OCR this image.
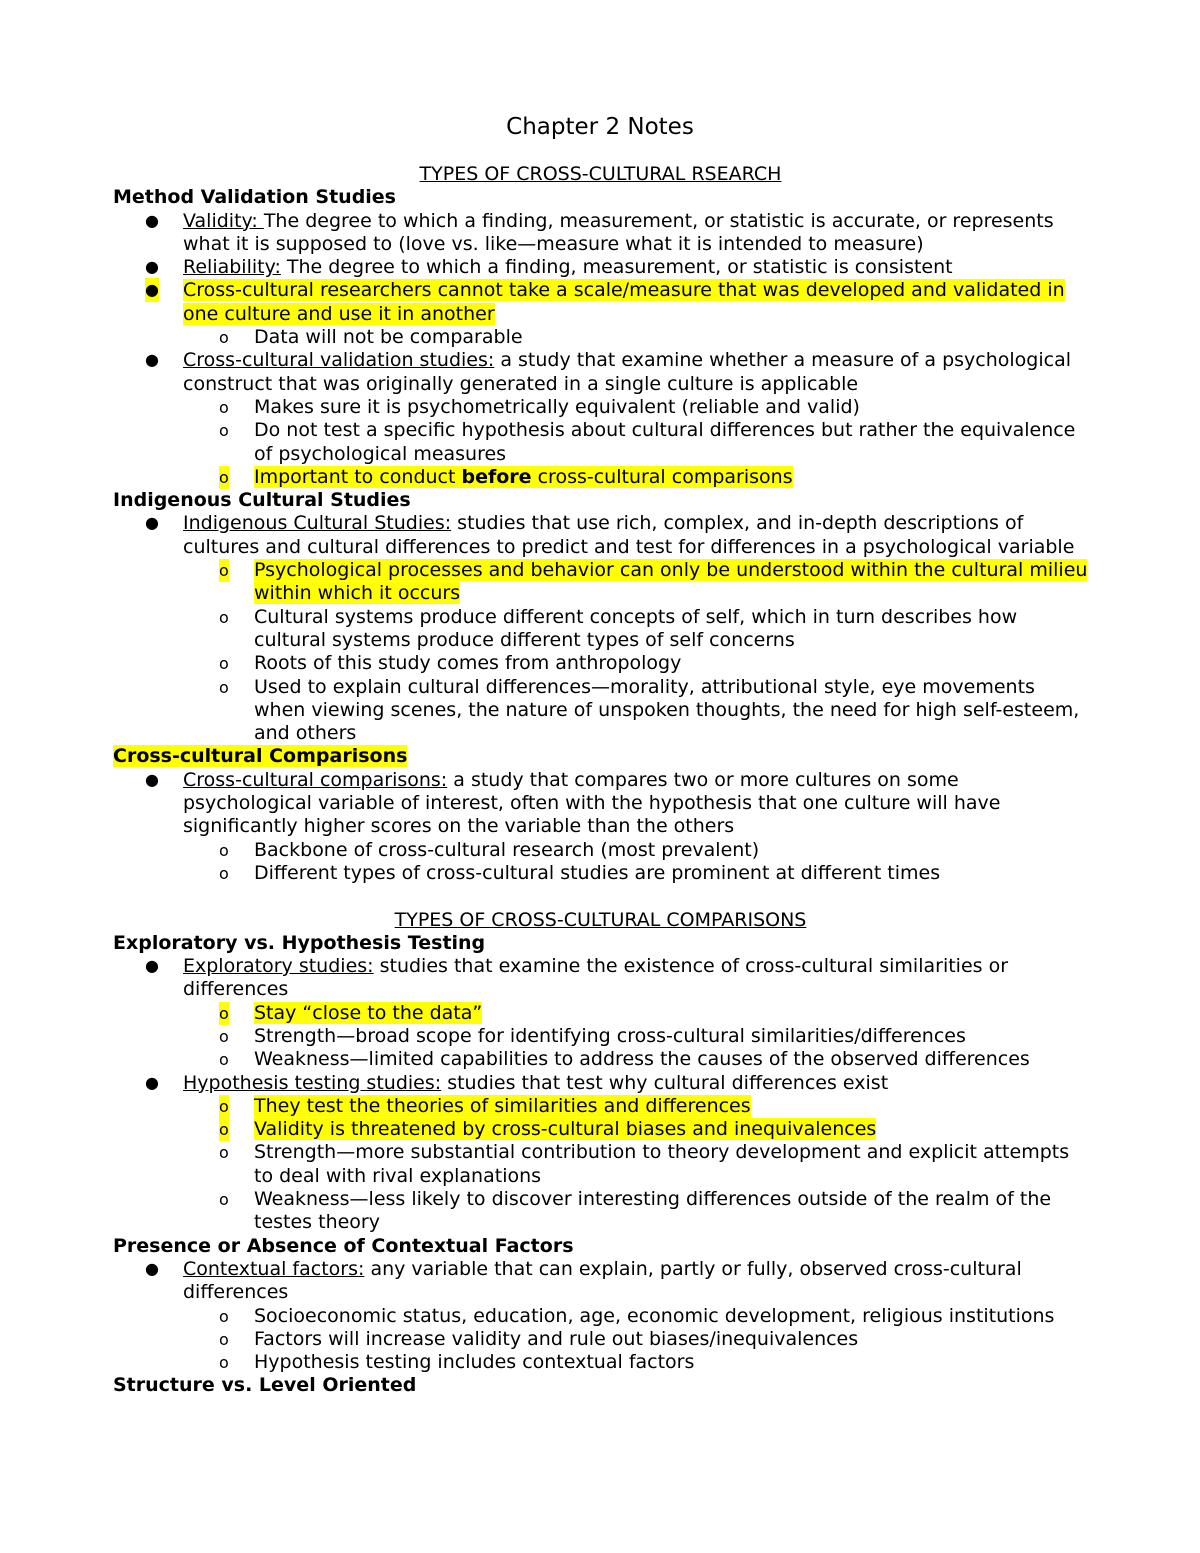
Chapter 2 Notes
TYPES OF CROSS-CULTURAL RSEARCH
Method Validation Studies
● Validity: The degree to which a finding, measurement, or statistic is accurate, or represents what it is supposed to (love vs. like—measure what it is intended to measure)
● Reliability: The degree to which a finding, measurement, or statistic is consistent
● Cross-cultural researchers cannot take a scale/measure that was developed and validated in one culture and use it in another
o Data will not be comparable
● Cross-cultural validation studies: a study that examine whether a measure of a psychological construct that was originally generated in a single culture is applicable
o Makes sure it is psychometrically equivalent (reliable and valid)
o Do not test a specific hypothesis about cultural differences but rather the equivalence of psychological measures
o Important to conduct before cross-cultural comparisons
Indigenous Cultural Studies
● Indigenous Cultural Studies: studies that use rich, complex, and in-depth descriptions of cultures and cultural differences to predict and test for differences in a psychological variable
o Psychological processes and behavior can only be understood within the cultural milieu within which it occurs
o Cultural systems produce different concepts of self, which in turn describes how cultural systems produce different types of self concerns
o Roots of this study comes from anthropology
o Used to explain cultural differences—morality, attributional style, eye movements when viewing scenes, the nature of unspoken thoughts, the need for high self-esteem, and others
Cross-cultural Comparisons
● Cross-cultural comparisons: a study that compares two or more cultures on some psychological variable of interest, often with the hypothesis that one culture will have significantly higher scores on the variable than the others
o Backbone of cross-cultural research (most prevalent)
o Different types of cross-cultural studies are prominent at different times
TYPES OF CROSS-CULTURAL COMPARISONS
Exploratory vs. Hypothesis Testing
● Exploratory studies: studies that examine the existence of cross-cultural similarities or differences
o Stay “close to the data”
o Strength—broad scope for identifying cross-cultural similarities/differences
o Weakness—limited capabilities to address the causes of the observed differences
● Hypothesis testing studies: studies that test why cultural differences exist
o They test the theories of similarities and differences
o Validity is threatened by cross-cultural biases and inequivalences
o Strength—more substantial contribution to theory development and explicit attempts to deal with rival explanations
o Weakness—less likely to discover interesting differences outside of the realm of the testes theory
Presence or Absence of Contextual Factors
● Contextual factors: any variable that can explain, partly or fully, observed cross-cultural differences
o Socioeconomic status, education, age, economic development, religious institutions
o Factors will increase validity and rule out biases/inequivalences
o Hypothesis testing includes contextual factors
Structure vs. Level Oriented
